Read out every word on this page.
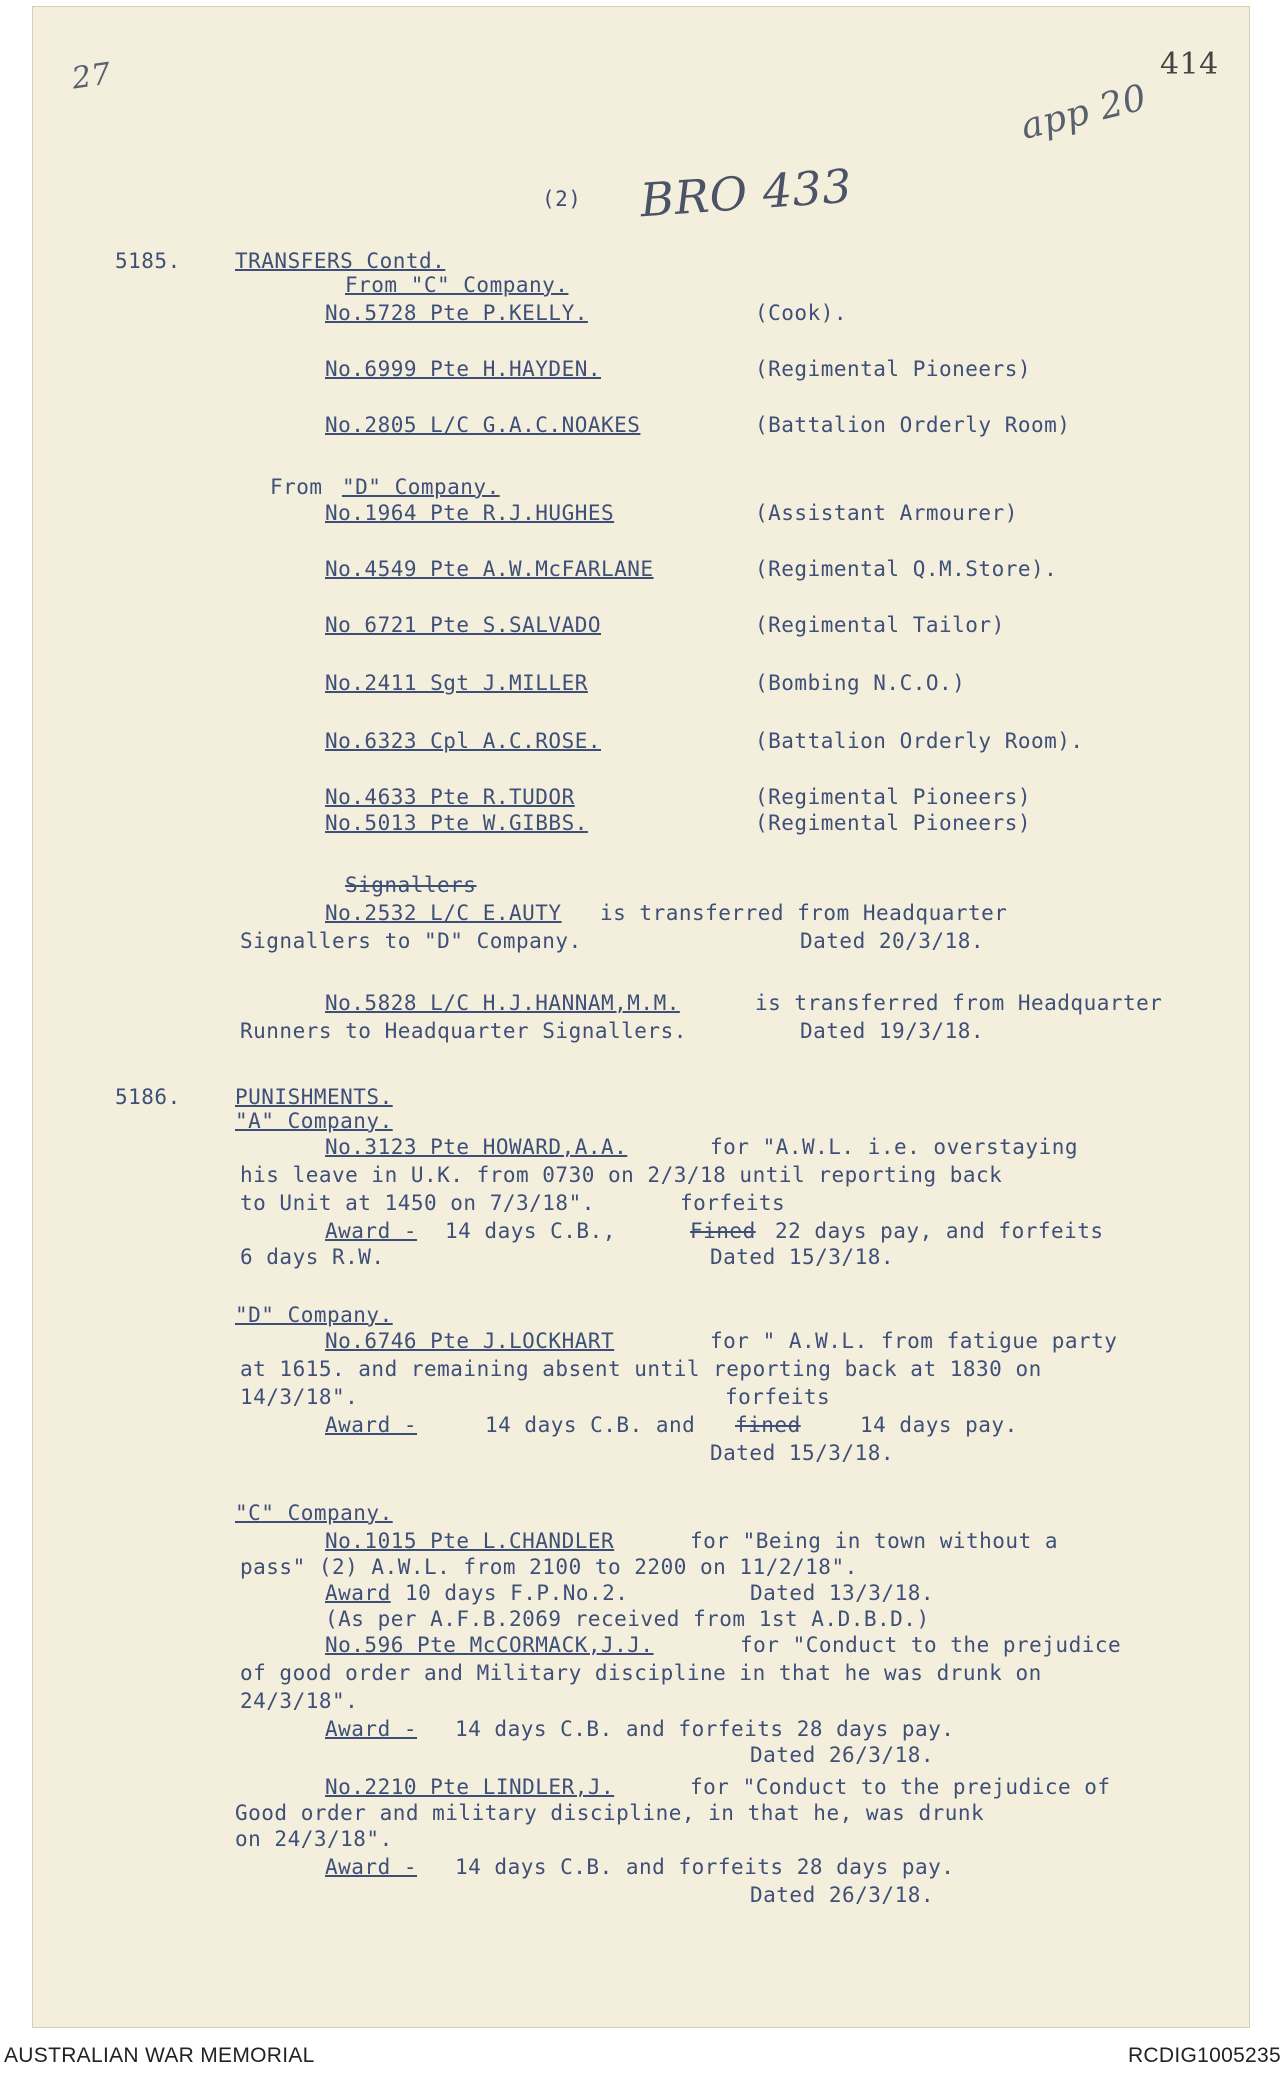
27	414
app 20
(2) BRO 433
5185.	TRANSFERS Contd.
From "C" Company.
No.5728 Pte P.KELLY.	(Cook).
No.6999 Pte H.HAYDEN.	(Regimental Pioneers)
No.2805 L/C G.A.C.NOAKES	(Battalion Orderly Room)
From "D" Company.
No.1964 Pte R.J.HUGHES	(Assistant Armourer)
No.4549 Pte A.W.McFARLANE	(Regimental Q.M.Store).
No 6721 Pte S.SALVADO	(Regimental Tailor)
No.2411 Sgt J.MILLER	(Bombing N.C.O.)
No.6323 Cpl A.C.ROSE.	(Battalion Orderly Room).
No.4633 Pte R.TUDOR	(Regimental Pioneers)
No.5013 Pte W.GIBBS.	(Regimental Pioneers)
Signallers
No.2532 L/C E.AUTY is transferred from Headquarter
Signallers to "D" Company.	Dated 20/3/18.
No.5828 L/C H.J.HANNAM,M.M.	is transferred from Headquarter
Runners to Headquarter Signallers.	Dated 19/3/18.
5186.	PUNISHMENTS.
"A" Company.
No.3123 Pte HOWARD,A.A.	for "A.W.L. i.e. overstaying
his leave in U.K. from 0730 on 2/3/18 until reporting back
to Unit at 1450 on 7/3/18".	forfeits
Award - 14 days C.B.,	Fined 22 days pay, and forfeits
6 days R.W.	Dated 15/3/18.
"D" Company.
No.6746 Pte J.LOCKHART	for " A.W.L. from fatigue party
at 1615. and remaining absent until reporting back at 1830 on
14/3/18".	forfeits
Award -	14 days C.B. and fined	14 days pay.
Dated 15/3/18.
"C" Company.
No.1015 Pte L.CHANDLER	for "Being in town without a
pass" (2) A.W.L. from 2100 to 2200 on 11/2/18".
Award 10 days F.P.No.2.	Dated 13/3/18.
(As per A.F.B.2069 received from 1st A.D.B.D.)
No.596 Pte McCORMACK,J.J.	for "Conduct to the prejudice
of good order and Military discipline in that he was drunk on
24/3/18".
Award - 14 days C.B. and forfeits 28 days pay.
Dated 26/3/18.
No.2210 Pte LINDLER,J.	for "Conduct to the prejudice of
Good order and military discipline, in that he, was drunk
on 24/3/18".
Award - 14 days C.B. and forfeits 28 days pay.
Dated 26/3/18.
AUSTRALIAN WAR MEMORIAL	RCDIG1005235
